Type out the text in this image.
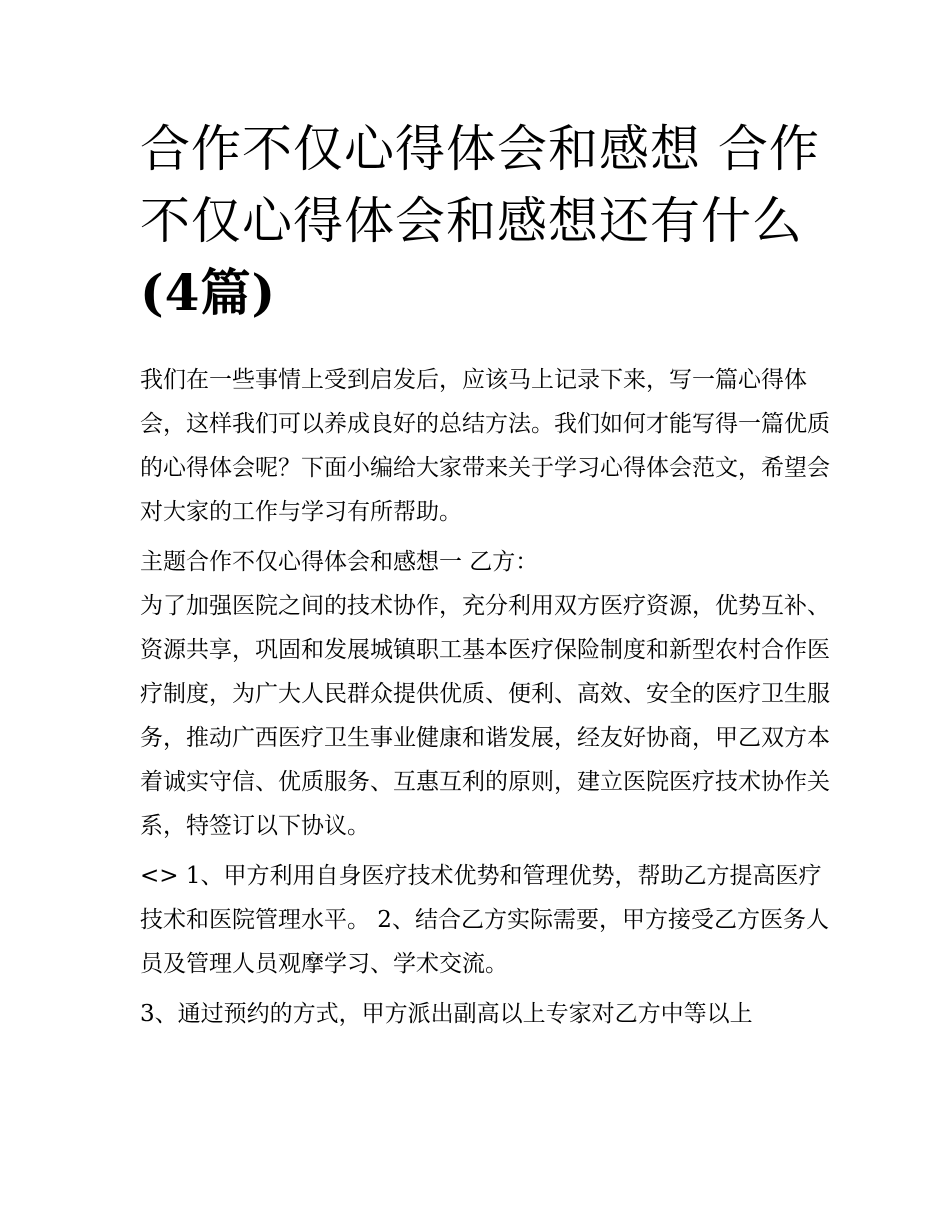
合作不仅心得体会和感想 合作不仅心得体会和感想还有什么
(4篇)

我们在一些事情上受到启发后，应该马上记录下来，写一篇心得体会，这样我们可以养成良好的总结方法。我们如何才能写得一篇优质的心得体会呢？下面小编给大家带来关于学习心得体会范文，希望会对大家的工作与学习有所帮助。

主题合作不仅心得体会和感想一 乙方：

为了加强医院之间的技术协作，充分利用双方医疗资源，优势互补、资源共享，巩固和发展城镇职工基本医疗保险制度和新型农村合作医疗制度，为广大人民群众提供优质、便利、高效、安全的医疗卫生服务，推动广西医疗卫生事业健康和谐发展，经友好协商，甲乙双方本着诚实守信、优质服务、互惠互利的原则，建立医院医疗技术协作关系，特签订以下协议。

<> 1、甲方利用自身医疗技术优势和管理优势，帮助乙方提高医疗技术和医院管理水平。 2、结合乙方实际需要，甲方接受乙方医务人员及管理人员观摩学习、学术交流。

3、通过预约的方式，甲方派出副高以上专家对乙方中等以上
